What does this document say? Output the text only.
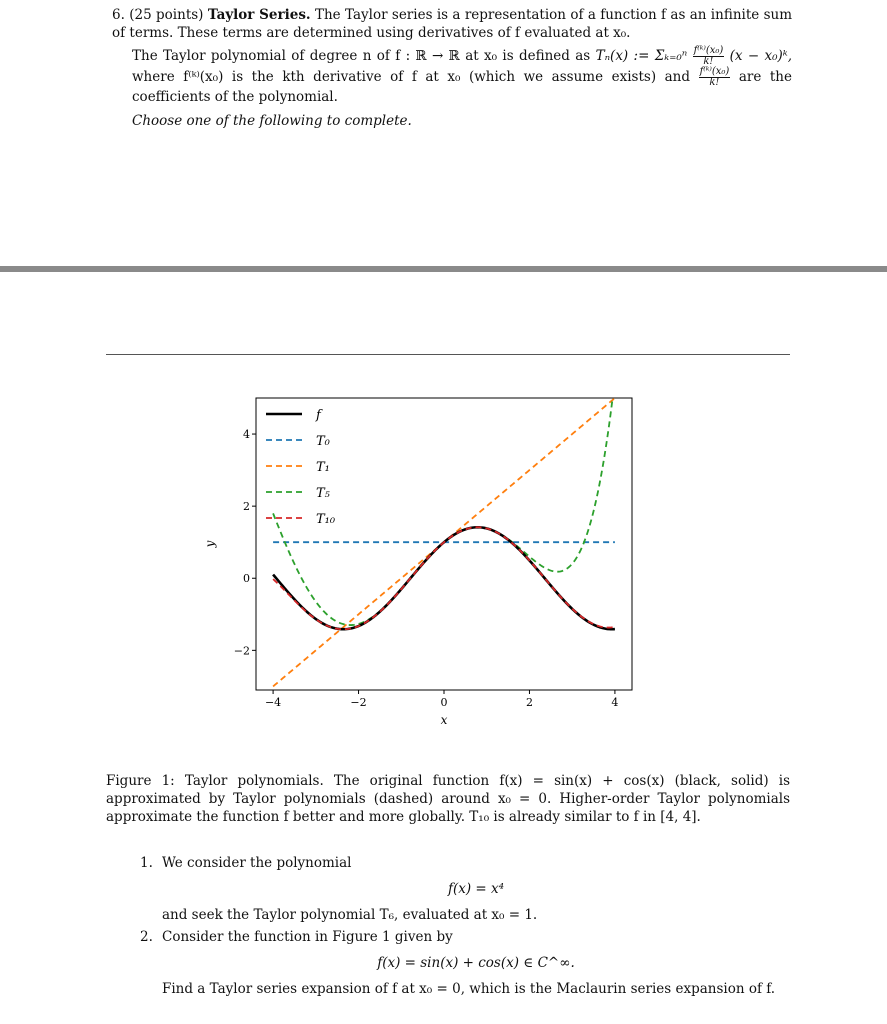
6. (25 points) Taylor Series. The Taylor series is a representation of a function f as an infinite sum of terms. These terms are determined using derivatives of f evaluated at x₀.

The Taylor polynomial of degree n of f : ℝ → ℝ at x₀ is defined as Tₙ(x) := $\Sigma_{k=0}^n \frac{\text{f⁽ᵏ⁾(x₀)}}{k!} (x$ − x₀)ᵏ, where f⁽ᵏ⁾(x₀) is the kth derivative of f at x₀ (which we assume exists) and $\frac{\text{f⁽ᵏ⁾(x₀)}}{k!}$ are the coefficients of the polynomial.

Choose one of the following to complete.

−4	−2	0	2	4
−2
0
2
4
x
y
f
T₀
T₁
T₅
T₁₀
Figure 1: Taylor polynomials. The original function f(x) = sin(x) + cos(x) (black, solid) is approximated by Taylor polynomials (dashed) around x₀ = 0. Higher-order Taylor polynomials approximate the function f better and more globally. T₁₀ is already similar to f in [4, 4].
1. We consider the polynomial
f(x) = x⁴
and seek the Taylor polynomial T₆, evaluated at x₀ = 1.
2. Consider the function in Figure 1 given by
f(x) = sin(x) + cos(x) ∈ C^∞.
Find a Taylor series expansion of f at x₀ = 0, which is the Maclaurin series expansion of f.
